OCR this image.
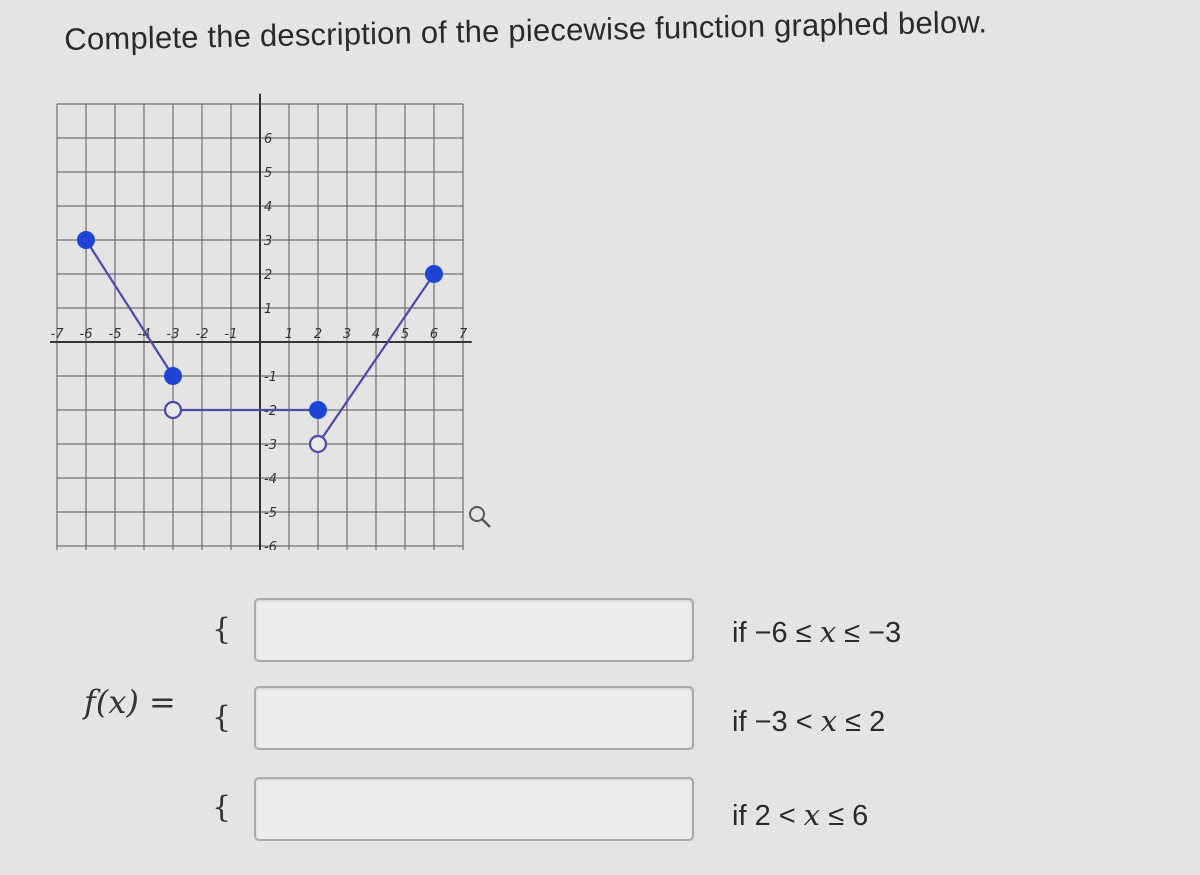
Complete the description of the piecewise function graphed below.
-7 -6 -5 -4 -3 -2 -1	1 2 3 4 5 6 7
6
5
4
3
2
1
-1
-2
-3
-4
-5
-6
{	if −6 ≤ x ≤ −3
f(x) = {	if −3 < x ≤ 2
{	if 2 < x ≤ 6
